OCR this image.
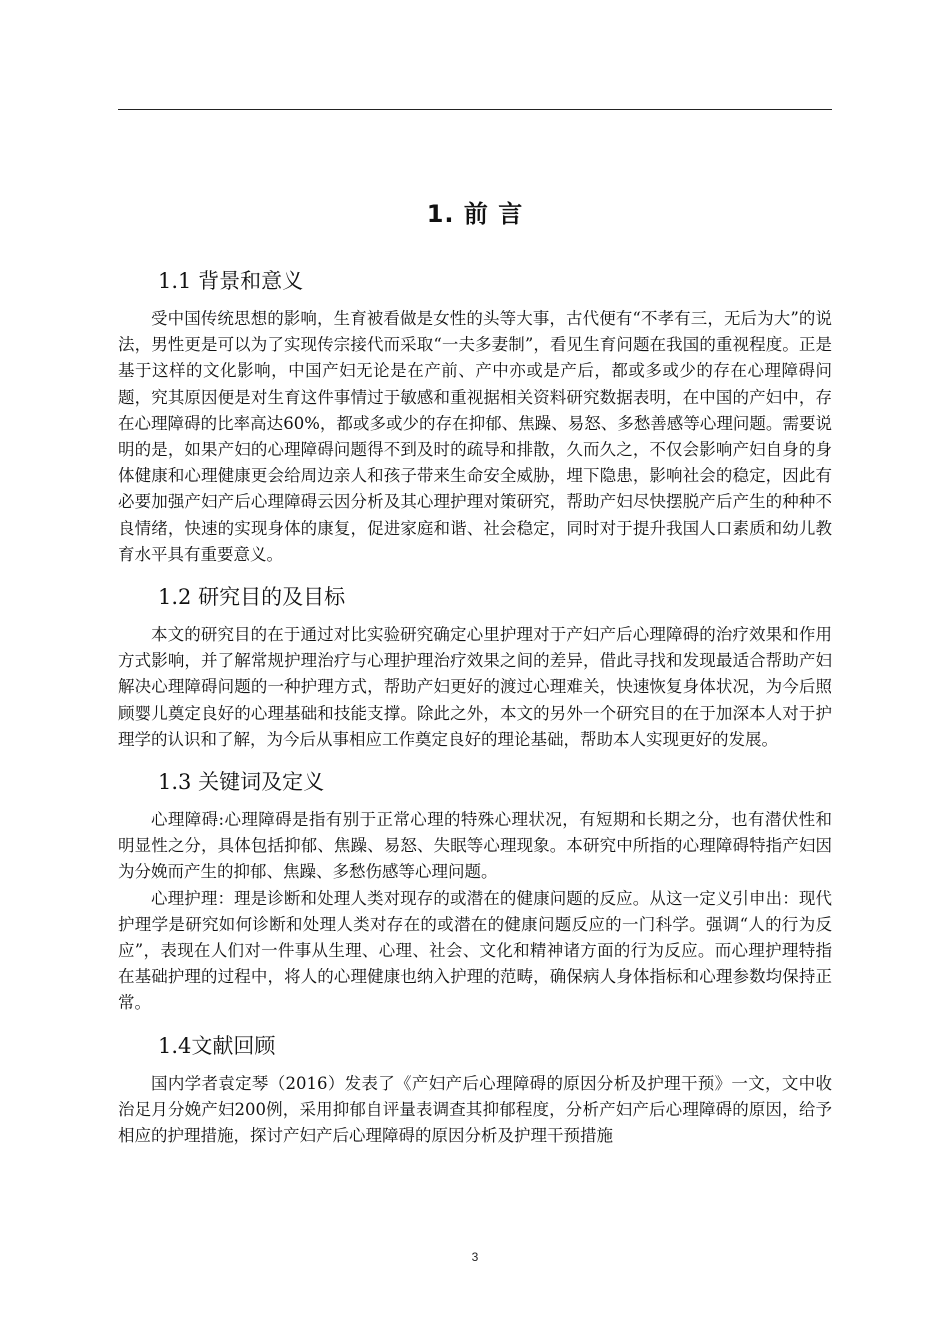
1. 前 言
1.1 背景和意义

受中国传统思想的影响，生育被看做是女性的头等大事，古代便有“不孝有三，无后为大”的说法，男性更是可以为了实现传宗接代而采取“一夫多妻制”，看见生育问题在我国的重视程度。正是基于这样的文化影响，中国产妇无论是在产前、产中亦或是产后，都或多或少的存在心理障碍问题，究其原因便是对生育这件事情过于敏感和重视据相关资料研究数据表明，在中国的产妇中，存在心理障碍的比率高达60%，都或多或少的存在抑郁、焦躁、易怒、多愁善感等心理问题。需要说明的是，如果产妇的心理障碍问题得不到及时的疏导和排散，久而久之，不仅会影响产妇自身的身体健康和心理健康更会给周边亲人和孩子带来生命安全威胁，埋下隐患，影响社会的稳定，因此有必要加强产妇产后心理障碍云因分析及其心理护理对策研究，帮助产妇尽快摆脱产后产生的种种不良情绪，快速的实现身体的康复，促进家庭和谐、社会稳定，同时对于提升我国人口素质和幼儿教育水平具有重要意义。

1.2 研究目的及目标

本文的研究目的在于通过对比实验研究确定心里护理对于产妇产后心理障碍的治疗效果和作用方式影响，并了解常规护理治疗与心理护理治疗效果之间的差异，借此寻找和发现最适合帮助产妇解决心理障碍问题的一种护理方式，帮助产妇更好的渡过心理难关，快速恢复身体状况，为今后照顾婴儿奠定良好的心理基础和技能支撑。除此之外，本文的另外一个研究目的在于加深本人对于护理学的认识和了解，为今后从事相应工作奠定良好的理论基础，帮助本人实现更好的发展。

1.3 关键词及定义

心理障碍:心理障碍是指有别于正常心理的特殊心理状况，有短期和长期之分，也有潜伏性和明显性之分，具体包括抑郁、焦躁、易怒、失眠等心理现象。本研究中所指的心理障碍特指产妇因为分娩而产生的抑郁、焦躁、多愁伤感等心理问题。

心理护理：理是诊断和处理人类对现存的或潜在的健康问题的反应。从这一定义引申出：现代护理学是研究如何诊断和处理人类对存在的或潜在的健康问题反应的一门科学。强调“人的行为反应”，表现在人们对一件事从生理、心理、社会、文化和精神诸方面的行为反应。而心理护理特指在基础护理的过程中，将人的心理健康也纳入护理的范畴，确保病人身体指标和心理参数均保持正常。

1.4文献回顾

国内学者袁定琴（2016）发表了《产妇产后心理障碍的原因分析及护理干预》一文，文中收治足月分娩产妇200例，采用抑郁自评量表调查其抑郁程度，分析产妇产后心理障碍的原因，给予相应的护理措施，探讨产妇产后心理障碍的原因分析及护理干预措施

3
